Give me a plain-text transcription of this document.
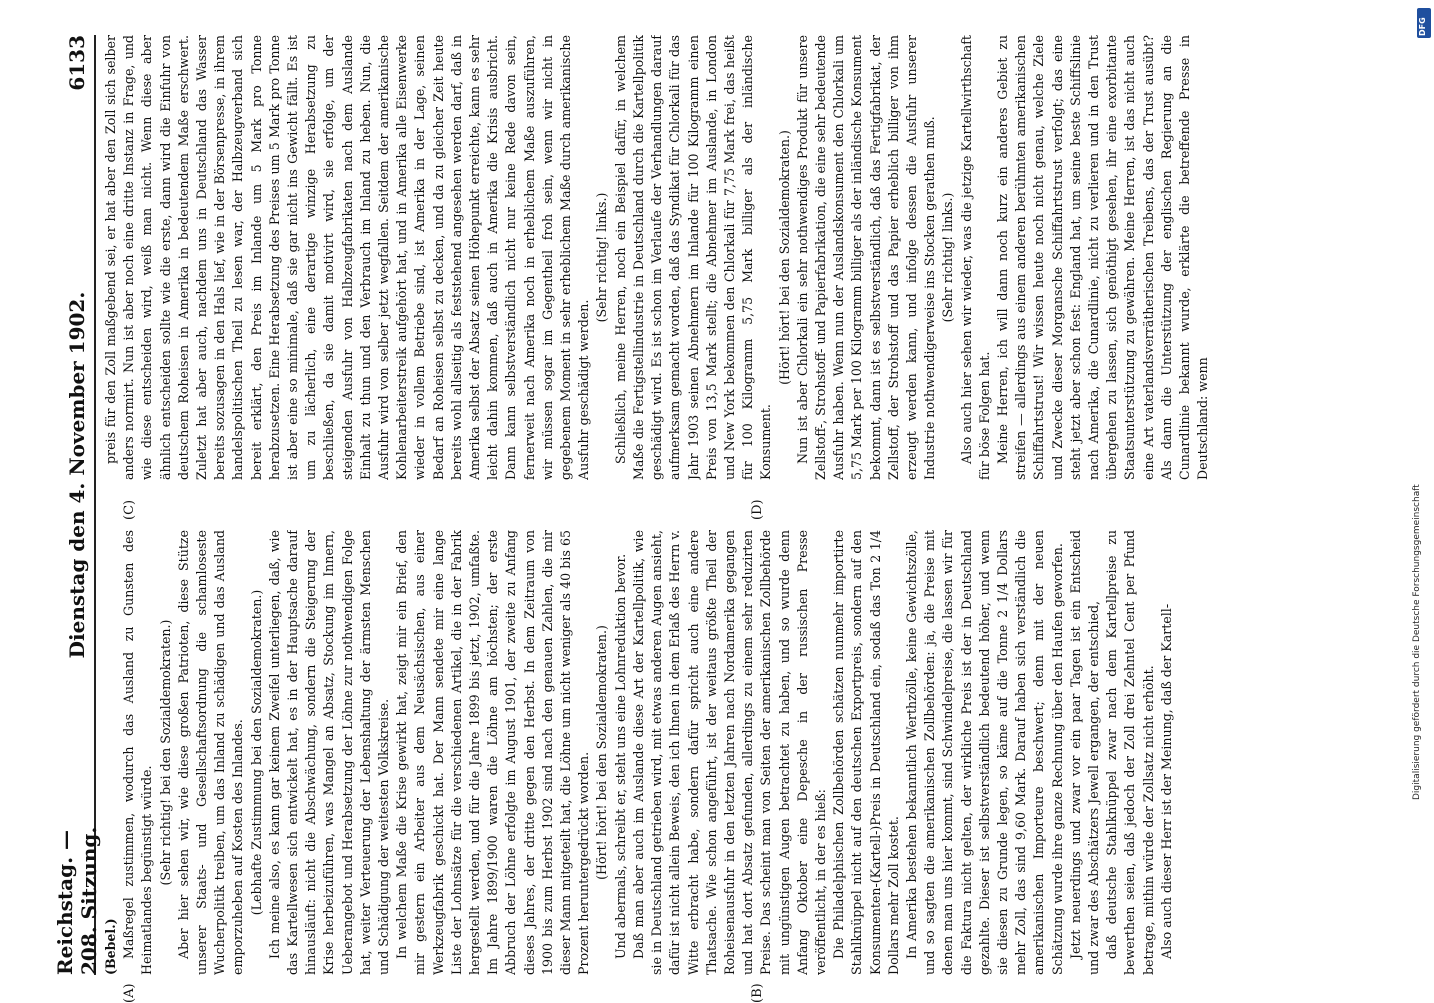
Reichstag. — 208. Sitzung.
Dienstag den 4. November 1902.
6133
(A)	(B)
(C)	(D)

(Bebel.) Maßregel zustimmen, wodurch das Ausland zu Gunsten des Heimatlandes begünstigt würde. (Sehr richtig! bei den Sozialdemokraten.) Aber hier sehen wir, wie diese großen Patrioten, diese Stütze unserer Staats- und Gesellschaftsordnung die schamloseste Wucherpolitik treiben, um das Inland zu schädigen und das Ausland emporzuheben auf Kosten des Inlandes. (Lebhafte Zustimmung bei den Sozialdemokraten.) Ich meine also, es kann gar keinem Zweifel unterliegen, daß, wie das Kartellwesen sich entwickelt hat, es in der Hauptsache darauf hinausläuft: nicht die Abschwächung, sondern die Steigerung der Krise herbeizuführen, was Mangel an Absatz, Stockung im Innern, Ueberangebot und Herabsetzung der Löhne zur nothwendigen Folge hat, weiter Verteuerung der Lebenshaltung der ärmsten Menschen und Schädigung der weitesten Volkskreise. In welchem Maße die Krise gewirkt hat, zeigt mir ein Brief, den mir gestern ein Arbeiter aus dem Neusächsischen, aus einer Werkzeugfabrik geschickt hat. Der Mann sendete mir eine lange Liste der Lohnsätze für die verschiedenen Artikel, die in der Fabrik hergestellt werden, und für die Jahre 1899 bis jetzt, 1902, umfaßte. Im Jahre 1899/1900 waren die Löhne am höchsten; der erste Abbruch der Löhne erfolgte im August 1901, der zweite zu Anfang dieses Jahres, der dritte gegen den Herbst. In dem Zeitraum von 1900 bis zum Herbst 1902 sind nach den genauen Zahlen, die mir dieser Mann mitgeteilt hat, die Löhne um nicht weniger als 40 bis 65 Prozent heruntergedrückt worden. (Hört! hört! bei den Sozialdemokraten.) Und abermals, schreibt er, steht uns eine Lohnreduktion bevor. Daß man aber auch im Auslande diese Art der Kartellpolitik, wie sie in Deutschland getrieben wird, mit etwas anderen Augen ansieht, dafür ist nicht allein Beweis, den ich Ihnen in dem Erlaß des Herrn v. Witte erbracht habe, sondern dafür spricht auch eine andere Thatsache. Wie schon angeführt, ist der weitaus größte Theil der Roheisenausfuhr in den letzten Jahren nach Nordamerika gegangen und hat dort Absatz gefunden, allerdings zu einem sehr reduzirten Preise. Das scheint man von Seiten der amerikanischen Zollbehörde mit ungünstigen Augen betrachtet zu haben, und so wurde denn Anfang Oktober eine Depesche in der russischen Presse veröffentlicht, in der es hieß: Die Philadelphischen Zollbehörden schätzen nunmehr importirte Stahlknüppel nicht auf den deutschen Exportpreis, sondern auf den Konsumenten-(Kartell-)Preis in Deutschland ein, sodaß das Ton 2 1/4 Dollars mehr Zoll kostet. In Amerika bestehen bekanntlich Werthzölle, keine Gewichtszölle, und so sagten die amerikanischen Zollbehörden: ja, die Preise mit denen man uns hier kommt, sind Schwindelpreise, die lassen wir für die Faktura nicht gelten, der wirkliche Preis ist der in Deutschland gezahlte. Dieser ist selbstverständlich bedeutend höher, und wenn sie diesen zu Grunde legen, so käme auf die Tonne 2 1/4 Dollars mehr Zoll, das sind 9,60 Mark. Darauf haben sich verständlich die amerikanischen Importeure beschwert; denn mit der neuen Schätzung wurde ihre ganze Rechnung über den Haufen geworfen. Jetzt neuerdings und zwar vor ein paar Tagen ist ein Entscheid und zwar des Abschätzers Jewell ergangen, der entschied, daß deutsche Stahlknüppel zwar nach dem Kartellpreise zu bewerthen seien, daß jedoch der Zoll drei Zehntel Cent per Pfund betrage, mithin würde der Zollsatz nicht erhöht. Also auch dieser Herr ist der Meinung, daß der Kartell-

preis für den Zoll maßgebend sei, er hat aber den Zoll sich selber anders normirt. Nun ist aber noch eine dritte Instanz in Frage, und wie diese entscheiden wird, weiß man nicht. Wenn diese aber ähnlich entscheiden sollte wie die erste, dann wird die Einfuhr von deutschem Roheisen in Amerika in bedeutendem Maße erschwert. Zuletzt hat aber auch, nachdem uns in Deutschland das Wasser bereits sozusagen in den Hals lief, wie in der Börsenpresse, in ihrem handelspolitischen Theil zu lesen war, der Halbzeugverband sich bereit erklärt, den Preis im Inlande um 5 Mark pro Tonne herabzusetzen. Eine Herabsetzung des Preises um 5 Mark pro Tonne ist aber eine so minimale, daß sie gar nicht ins Gewicht fällt. Es ist um zu lächerlich, eine derartige winzige Herabsetzung zu beschließen, da sie damit motivirt wird, sie erfolge, um der steigenden Ausfuhr von Halbzeugfabrikaten nach dem Auslande Einhalt zu thun und den Verbrauch im Inland zu heben. Nun, die Ausfuhr wird von selber jetzt wegfallen. Seitdem der amerikanische Kohlenarbeiterstreik aufgehört hat, und in Amerika alle Eisenwerke wieder in vollem Betriebe sind, ist Amerika in der Lage, seinen Bedarf an Roheisen selbst zu decken, und da zu gleicher Zeit heute bereits wohl allseitig als feststehend angesehen werden darf, daß in Amerika selbst der Absatz seinen Höhepunkt erreichte, kann es sehr leicht dahin kommen, daß auch in Amerika die Krisis ausbricht. Dann kann selbstverständlich nicht nur keine Rede davon sein, fernerweit nach Amerika noch in erheblichem Maße auszuführen, wir müssen sogar im Gegentheil froh sein, wenn wir nicht in gegebenem Moment in sehr erheblichem Maße durch amerikanische Ausfuhr geschädigt werden.

(Sehr richtig! links.) Schließlich, meine Herren, noch ein Beispiel dafür, in welchem Maße die Fertigstellindustrie in Deutschland durch die Kartellpolitik geschädigt wird. Es ist schon im Verlaufe der Verhandlungen darauf aufmerksam gemacht worden, daß das Syndikat für Chlorkali für das Jahr 1903 seinen Abnehmern im Inlande für 100 Kilogramm einen Preis von 13,5 Mark stellt; die Abnehmer im Auslande, in London und New York bekommen den Chlorkali für 7,75 Mark frei, das heißt für 100 Kilogramm 5,75 Mark billiger als der inländische Konsument.

(Hört! hört! bei den Sozialdemokraten.) Nun ist aber Chlorkali ein sehr nothwendiges Produkt für unsere Zellstoff-, Strohstoff- und Papierfabrikation, die eine sehr bedeutende Ausfuhr haben. Wenn nun der Auslandskonsument den Chlorkali um 5,75 Mark per 100 Kilogramm billiger als der inländische Konsument bekommt, dann ist es selbstverständlich, daß das Fertigfabrikat, der Zellstoff, der Strohstoff und das Papier erheblich billiger von ihm erzeugt werden kann, und infolge dessen die Ausfuhr unserer Industrie nothwendigerweise ins Stocken gerathen muß. (Sehr richtig! links.) Also auch hier sehen wir wieder, was die jetzige Kartellwirthschaft für böse Folgen hat. Meine Herren, ich will dann noch kurz ein anderes Gebiet zu streifen — allerdings aus einem anderen berühmten amerikanischen Schiffahrtstrust! Wir wissen heute noch nicht genau, welche Ziele und Zwecke dieser Morgansche Schiffahrtstrust verfolgt; das eine steht jetzt aber schon fest: England hat, um seine beste Schiffslinie nach Amerika, die Cunardlinie, nicht zu verlieren und in den Trust übergehen zu lassen, sich genöthigt gesehen, ihr eine exorbitante Staatsunterstützung zu gewähren. Meine Herren, ist das nicht auch eine Art vaterlandsverrätherischen Treibens, das der Trust ausübt? Als dann die Unterstützung der englischen Regierung an die Cunardlinie bekannt wurde, erklärte die betreffende Presse in Deutschland: wenn

Digitalisierung gefördert durch die Deutsche Forschungsgemeinschaft
DFG
